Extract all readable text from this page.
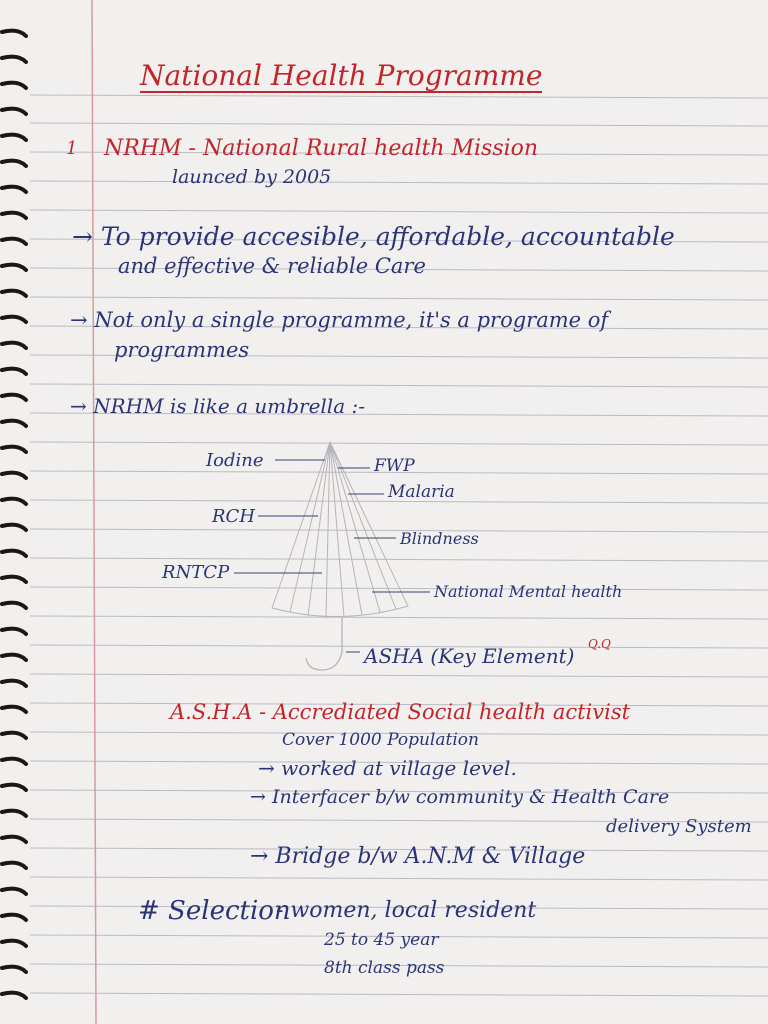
National Health Programme
1 NRHM - National Rural health Mission
launced by 2005
→ To provide accesible, affordable, accountable
and effective & reliable Care
→ Not only a single programme, it's a programe of
programmes
→ NRHM is like a umbrella :-
Iodine
RCH
RNTCP
FWP
Malaria
Blindness
National Mental health
ASHA (Key Element) Q.Q
A.S.H.A - Accrediated Social health activist
Cover 1000 Population
→ worked at village level.
→ Interfacer b/w community & Health Care
delivery System
→ Bridge b/w A.N.M & Village
# Selection
- women, local resident
25 to 45 year
8th class pass
